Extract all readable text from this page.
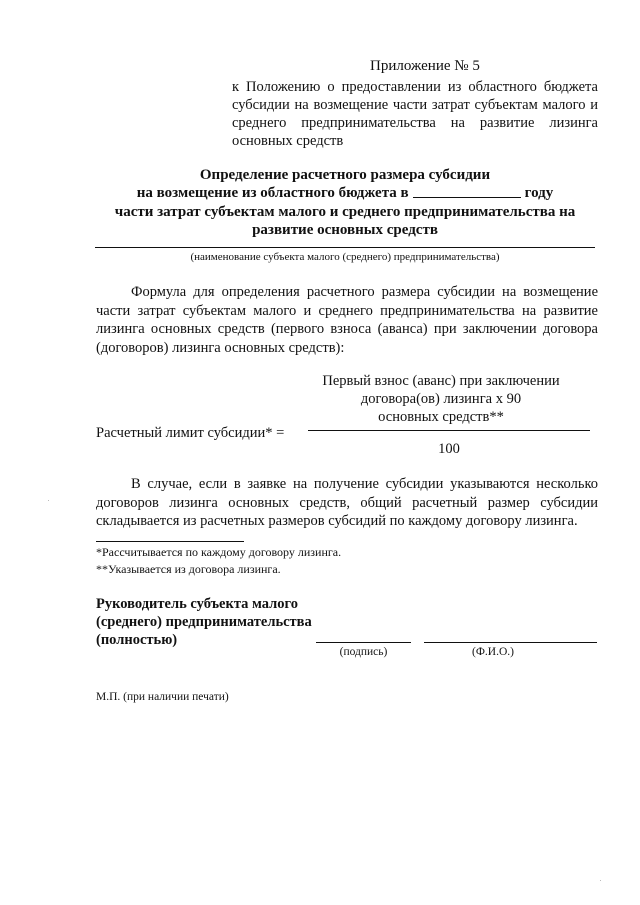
Приложение № 5
к Положению о предоставлении из областного бюджета субсидии на возмещение части затрат субъектам малого и среднего предпринимательства на развитие лизинга основных средств
Определение расчетного размера субсидии
на возмещение из областного бюджета в	году
части затрат субъектам малого и среднего предпринимательства на
развитие основных средств
(наименование субъекта малого (среднего) предпринимательства)
Формула для определения расчетного размера субсидии на возмещение части затрат субъектам малого и среднего предпринимательства на развитие лизинга основных средств (первого взноса (аванса) при заключении договора (договоров) лизинга основных средств):
Первый взнос (аванс) при заключении
договора(ов) лизинга х 90
основных средств**
Расчетный лимит субсидии* =
100
В случае, если в заявке на получение субсидии указываются несколько договоров лизинга основных средств, общий расчетный размер субсидии складывается из расчетных размеров субсидий по каждому договору лизинга.
*Рассчитывается по каждому договору лизинга.
**Указывается из договора лизинга.
Руководитель субъекта малого
(среднего) предпринимательства
(полностью)
(подпись)	(Ф.И.О.)
М.П. (при наличии печати)
